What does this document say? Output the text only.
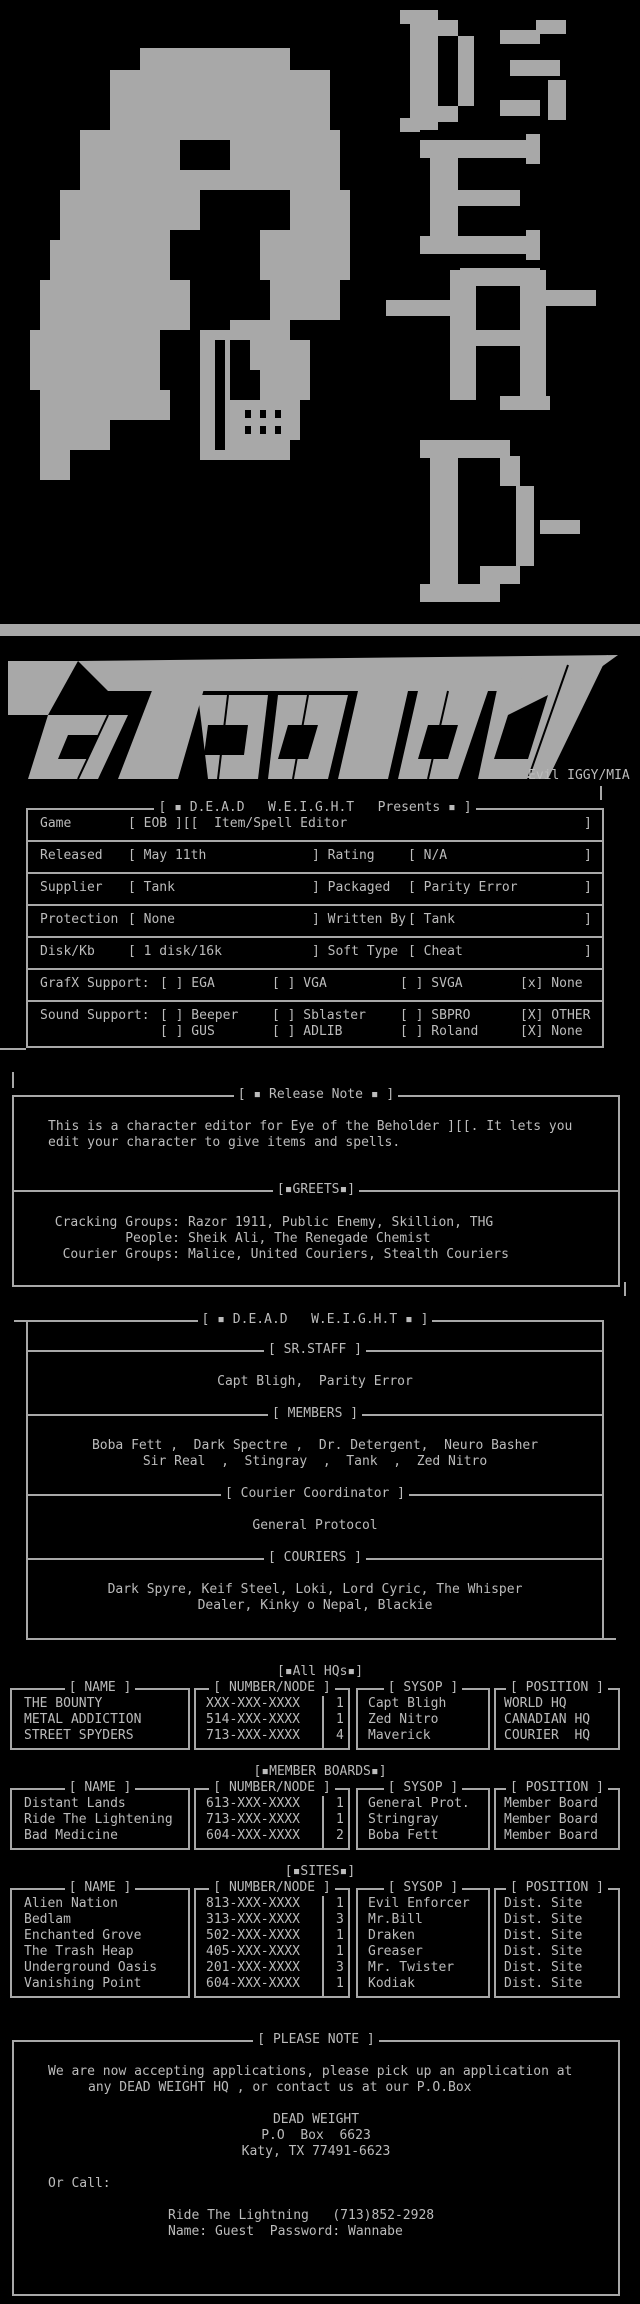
Evil IGGY/MIA
[ ▪ D.E.A.D   W.E.I.G.H.T   Presents ▪ ]
Game	[ EOB ][[  Item/Spell Editor	]
Released	[ May 11th	] Rating	[ N/A	]
Supplier	[ Tank	] Packaged [ Parity Error	]
Protection [ None	] Written By [ Tank	]
Disk/Kb	[ 1 disk/16k	] Soft Type [ Cheat	]
GrafX Support: [ ] EGA	[ ] VGA	[ ] SVGA	[x] None
Sound Support: [ ] Beeper	[ ] Sblaster	[ ] SBPRO	[X] OTHER
[ ] GUS	[ ] ADLIB	[ ] Roland	[X] None
[ ▪ Release Note ▪ ]
This is a character editor for Eye of the Beholder ][[. It lets you
edit your character to give items and spells.
[▪GREETS▪]
Cracking Groups: Razor 1911, Public Enemy, Skillion, THG
People: Sheik Ali, The Renegade Chemist
Courier Groups: Malice, United Couriers, Stealth Couriers
[ ▪ D.E.A.D   W.E.I.G.H.T ▪ ]
[ SR.STAFF ]
Capt Bligh,  Parity Error
[ MEMBERS ]
Boba Fett ,  Dark Spectre ,  Dr. Detergent,  Neuro Basher
Sir Real  ,  Stingray  ,  Tank  ,  Zed Nitro
[ Courier Coordinator ]
General Protocol
[ COURIERS ]
Dark Spyre, Keif Steel, Loki, Lord Cyric, The Whisper
Dealer, Kinky o Nepal, Blackie
[▪All HQs▪]
[ NAME ]	[ NUMBER/NODE ]	[ SYSOP ]	[ POSITION ]
THE BOUNTY	XXX-XXX-XXXX	1 Capt Bligh	WORLD HQ
METAL ADDICTION	514-XXX-XXXX	1 Zed Nitro	CANADIAN HQ
STREET SPYDERS	713-XXX-XXXX	4 Maverick	COURIER  HQ
[▪MEMBER BOARDS▪]
[ NAME ]	[ NUMBER/NODE ]	[ SYSOP ]	[ POSITION ]
Distant Lands	613-XXX-XXXX	1 General Prot.	Member Board
Ride The Lightening	713-XXX-XXXX	1 Stringray	Member Board
Bad Medicine	604-XXX-XXXX	2 Boba Fett	Member Board
[▪SITES▪]
[ NAME ]	[ NUMBER/NODE ]	[ SYSOP ]	[ POSITION ]
Alien Nation	813-XXX-XXXX	1 Evil Enforcer	Dist. Site
Bedlam	313-XXX-XXXX	3 Mr.Bill	Dist. Site
Enchanted Grove	502-XXX-XXXX	1 Draken	Dist. Site
The Trash Heap	405-XXX-XXXX	1 Greaser	Dist. Site
Underground Oasis	201-XXX-XXXX	3 Mr. Twister	Dist. Site
Vanishing Point	604-XXX-XXXX	1 Kodiak	Dist. Site
[ PLEASE NOTE ]
We are now accepting applications, please pick up an application at
any DEAD WEIGHT HQ , or contact us at our P.O.Box
DEAD WEIGHT
P.O  Box  6623
Katy, TX 77491-6623
Or Call:
Ride The Lightning   (713)852-2928
Name: Guest  Password: Wannabe
